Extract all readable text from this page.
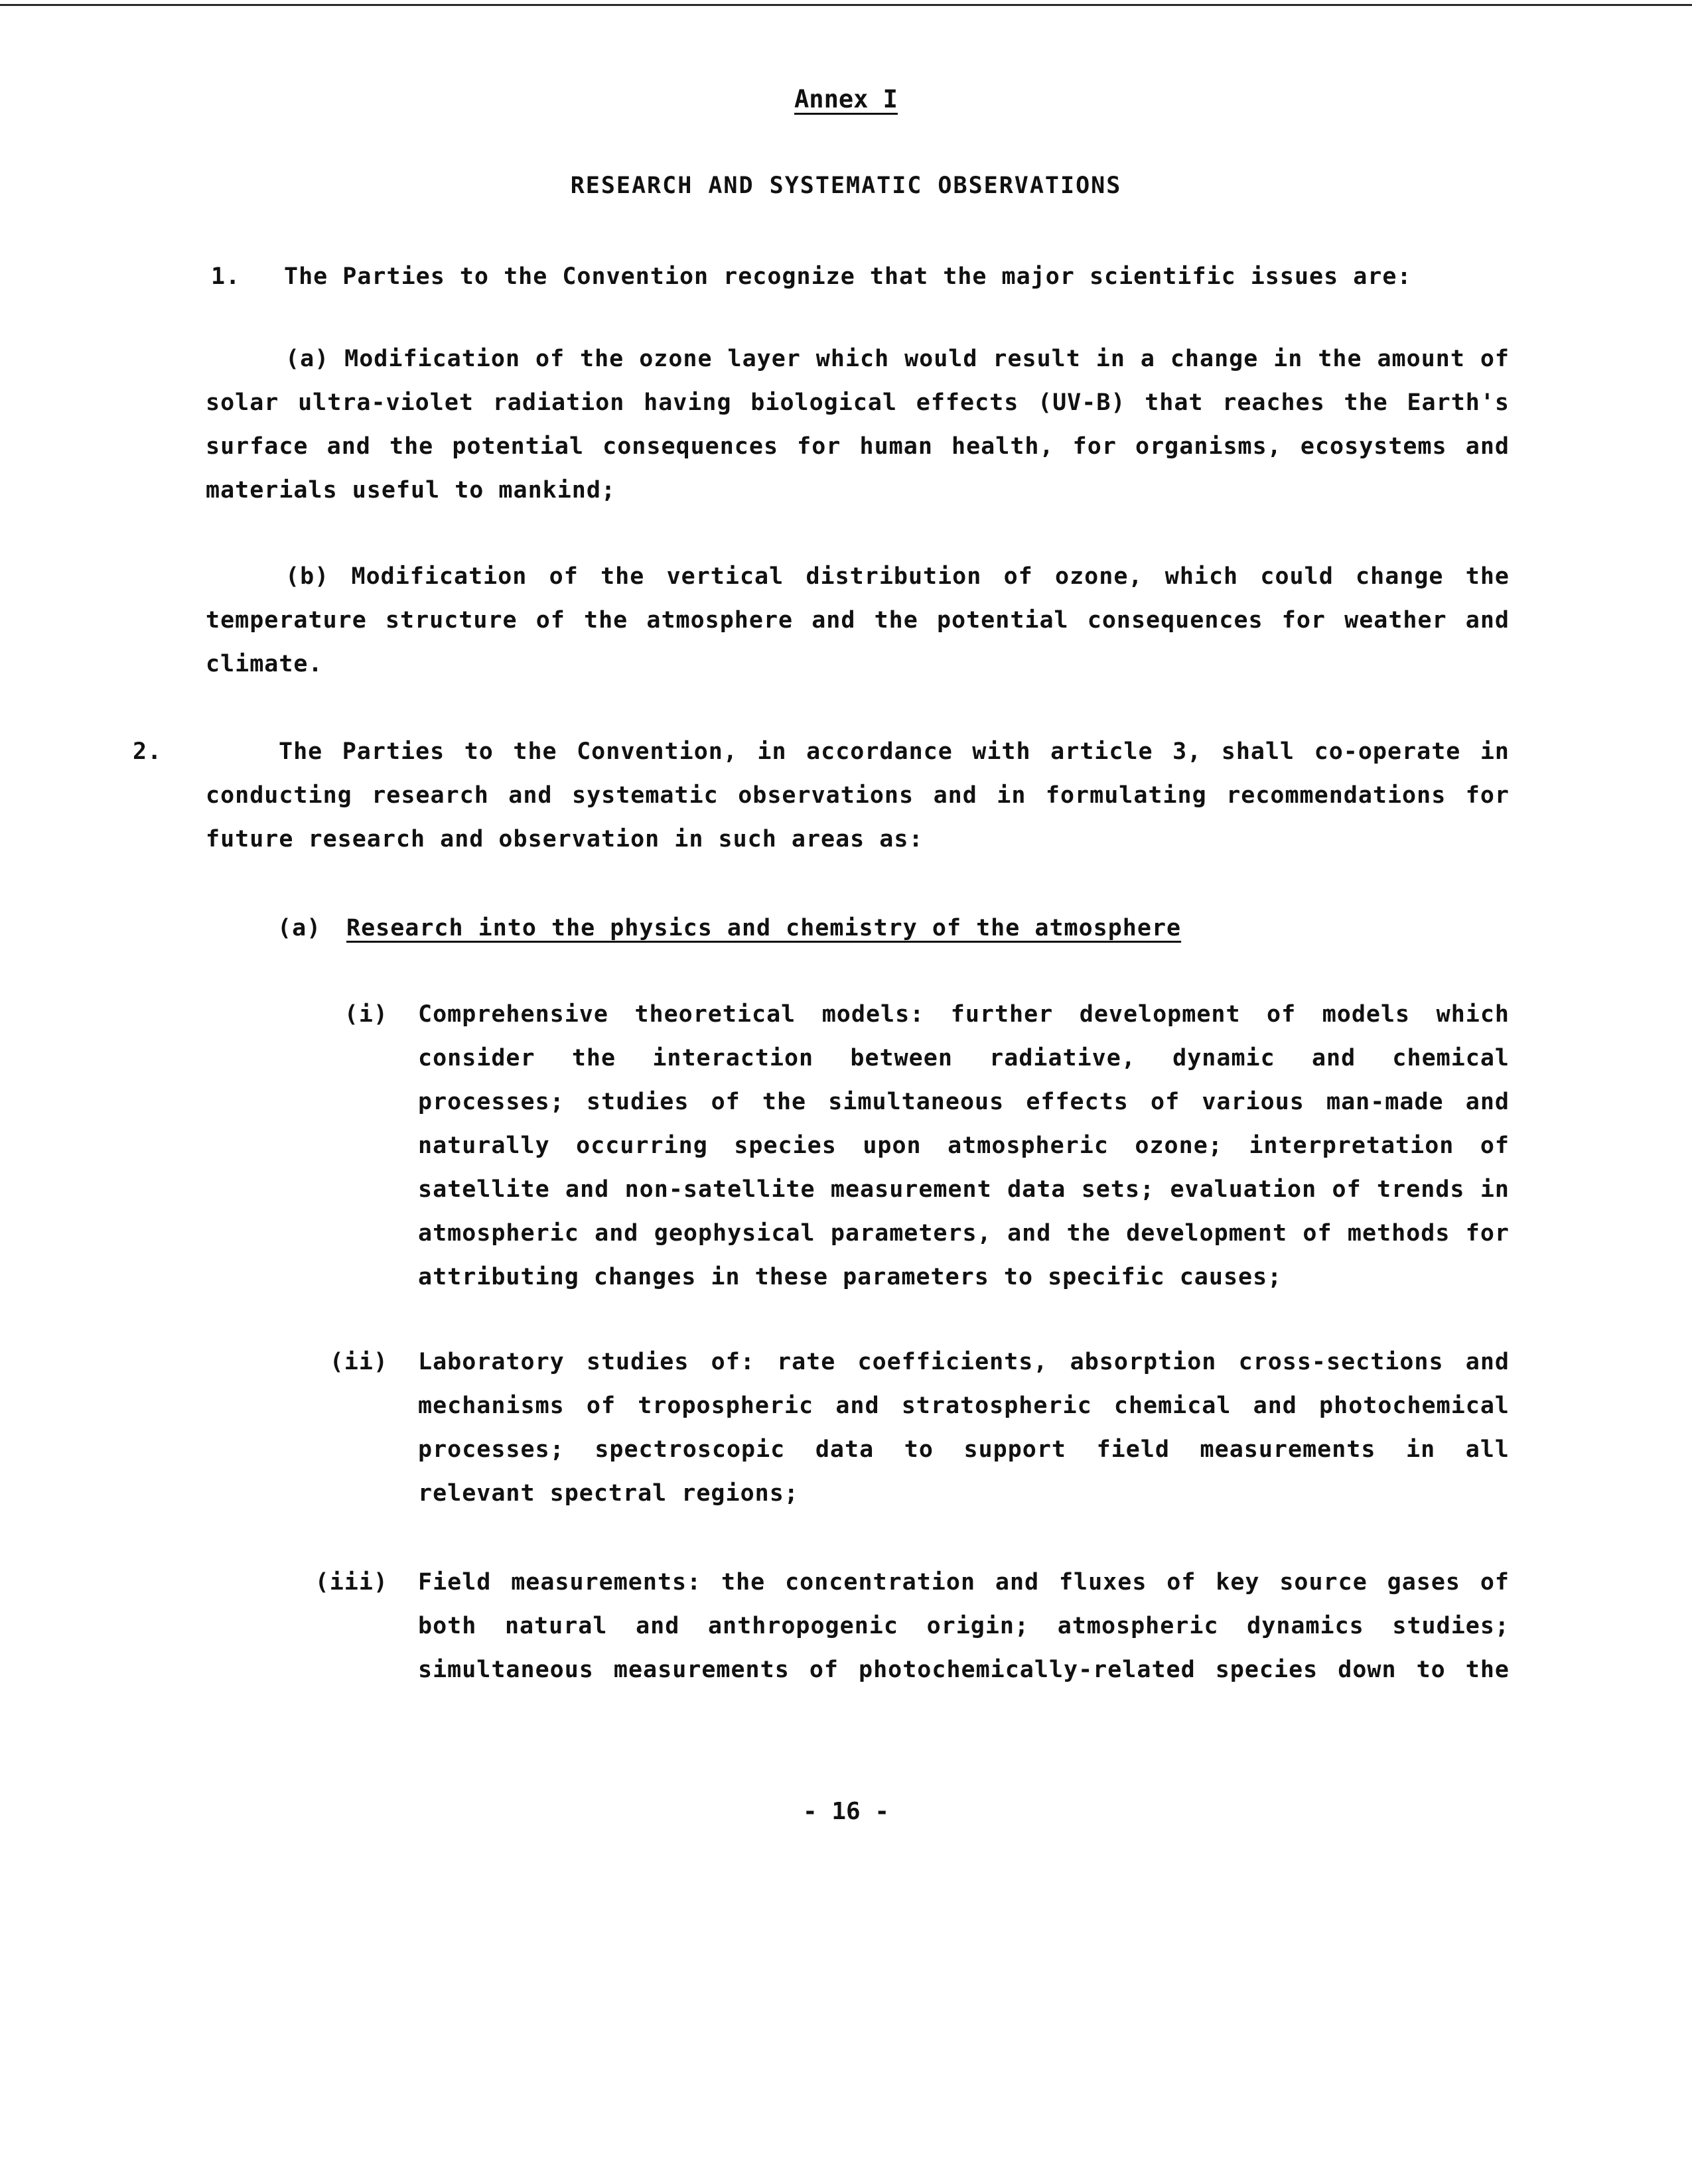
Annex I
RESEARCH AND SYSTEMATIC OBSERVATIONS
1. The Parties to the Convention recognize that the major scientific issues are:
(a) Modification of the ozone layer which would result in a change in the amount of solar ultra-violet radiation having biological effects (UV-B) that reaches the Earth's surface and the potential consequences for human health, for organisms, ecosystems and materials useful to mankind;
(b) Modification of the vertical distribution of ozone, which could change the temperature structure of the atmosphere and the potential consequences for weather and climate.
2.	The Parties to the Convention, in accordance with article 3, shall co-operate in conducting research and systematic observations and in formulating recommendations for future research and observation in such areas as:
(a) Research into the physics and chemistry of the atmosphere
(i) Comprehensive theoretical models: further development of models which consider the interaction between radiative, dynamic and chemical processes; studies of the simultaneous effects of various man-made and naturally occurring species upon atmospheric ozone; interpretation of satellite and non-satellite measurement data sets; evaluation of trends in atmospheric and geophysical parameters, and the development of methods for attributing changes in these parameters to specific causes;
(ii) Laboratory studies of: rate coefficients, absorption cross-sections and mechanisms of tropospheric and stratospheric chemical and photochemical processes; spectroscopic data to support field measurements in all relevant spectral regions;
(iii) Field measurements: the concentration and fluxes of key source gases of both natural and anthropogenic origin; atmospheric dynamics studies; simultaneous measurements of photochemically-related species down to the
- 16 -
